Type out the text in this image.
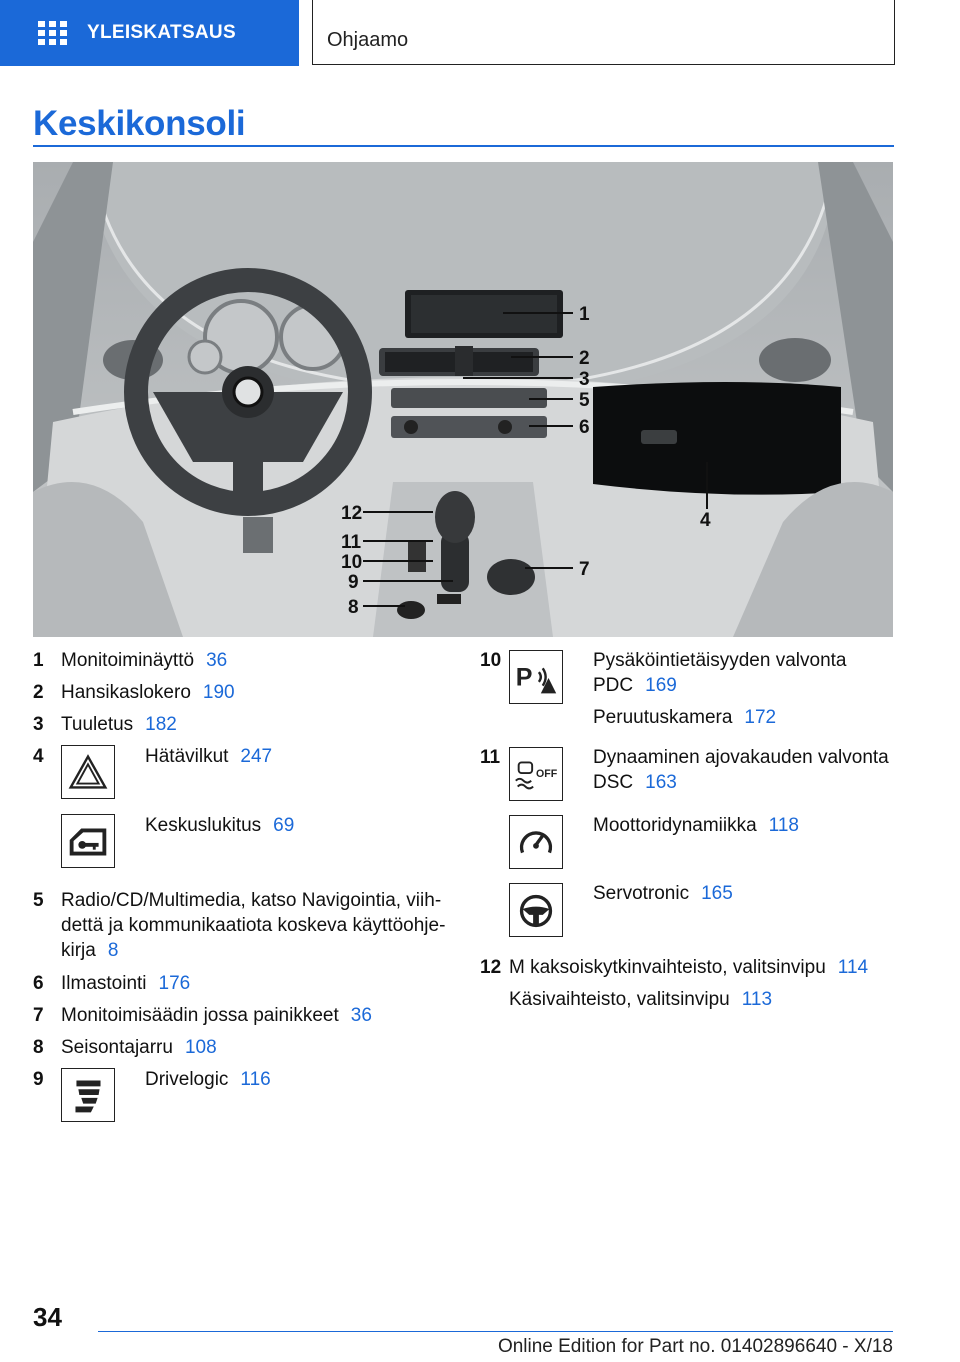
YLEISKATSAUS	Ohjaamo
Keskikonsoli
1
2
3
5
6
4
12
11
10
9
8
7
1 Monitoiminäyttö 36
2 Hansikaslokero 190
3 Tuuletus 182
4	Hätävilkut 247
Keskuslukitus 69
5 Radio/CD/Multimedia, katso Navigointia, viih-
dettä ja kommunikaatiota koskeva käyttöohje-
kirja 8
6 Ilmastointi 176
7 Monitoimisäädin jossa painikkeet 36
8 Seisontajarru 108
9	Drivelogic 116
10
P
Pysäköintietäisyyden valvonta
PDC 169
Peruutuskamera 172
11
OFF
Dynaaminen ajovakauden valvonta
DSC 163
Moottoridynamiikka 118
Servotronic 165
12 M kaksoiskytkinvaihteisto, valitsinvipu 114
Käsivaihteisto, valitsinvipu 113
34
Online Edition for Part no. 01402896640 - X/18
